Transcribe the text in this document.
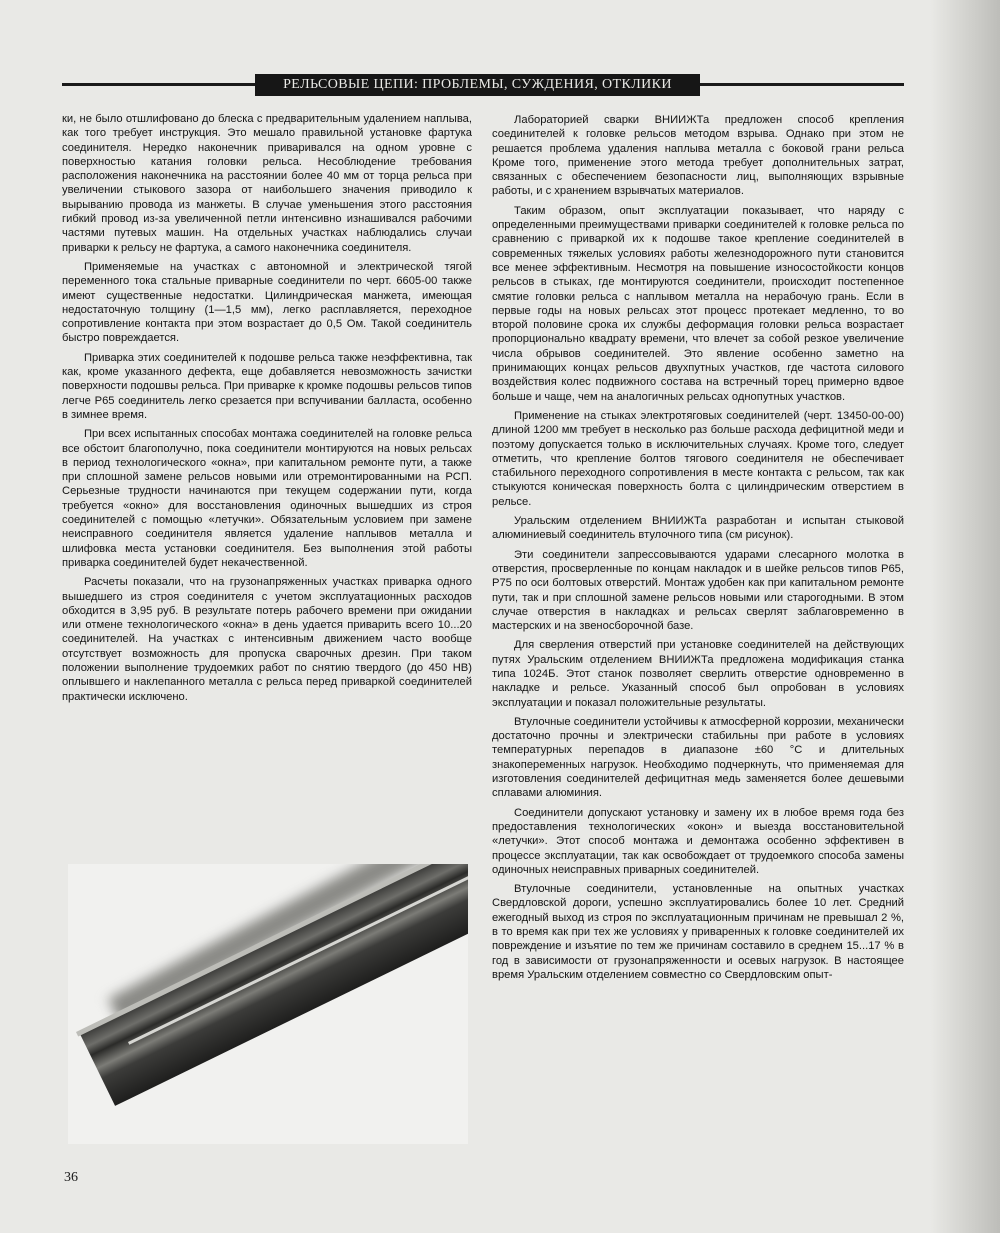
РЕЛЬСОВЫЕ ЦЕПИ: ПРОБЛЕМЫ, СУЖДЕНИЯ, ОТКЛИКИ

ки, не было отшлифовано до блеска с предварительным удалением наплыва, как того требует инструкция. Это мешало правильной установке фартука соединителя. Нередко наконечник приваривался на одном уровне с поверхностью катания головки рельса. Несоблюдение требования расположения наконечника на расстоянии более 40 мм от торца рельса при увеличении стыкового зазора от наибольшего значения приводило к вырыванию провода из манжеты. В случае уменьшения этого расстояния гибкий провод из-за увеличенной петли интенсивно изнашивался рабочими частями путевых машин. На отдельных участках наблюдались случаи приварки к рельсу не фартука, а самого наконечника соединителя.

Применяемые на участках с автономной и электрической тягой переменного тока стальные приварные соединители по черт. 6605-00 также имеют существенные недостатки. Цилиндрическая манжета, имеющая недостаточную толщину (1—1,5 мм), легко расплавляется, переходное сопротивление контакта при этом возрастает до 0,5 Ом. Такой соединитель быстро повреждается.

Приварка этих соединителей к подошве рельса также неэффективна, так как, кроме указанного дефекта, еще добавляется невозможность зачистки поверхности подошвы рельса. При приварке к кромке подошвы рельсов типов легче Р65 соединитель легко срезается при вспучивании балласта, особенно в зимнее время.

При всех испытанных способах монтажа соединителей на головке рельса все обстоит благополучно, пока соединители монтируются на новых рельсах в период технологического «окна», при капитальном ремонте пути, а также при сплошной замене рельсов новыми или отремонтированными на РСП. Серьезные трудности начинаются при текущем содержании пути, когда требуется «окно» для восстановления одиночных вышедших из строя соединителей с помощью «летучки». Обязательным условием при замене неисправного соединителя является удаление наплывов металла и шлифовка места установки соединителя. Без выполнения этой работы приварка соединителей будет некачественной.

Расчеты показали, что на грузонапряженных участках приварка одного вышедшего из строя соединителя с учетом эксплуатационных расходов обходится в 3,95 руб. В результате потерь рабочего времени при ожидании или отмене технологического «окна» в день удается приварить всего 10...20 соединителей. На участках с интенсивным движением часто вообще отсутствует возможность для пропуска сварочных дрезин. При таком положении выполнение трудоемких работ по снятию твердого (до 450 НВ) оплывшего и наклепанного металла с рельса перед приваркой соединителей практически исключено.

Лабораторией сварки ВНИИЖТа предложен способ крепления соединителей к головке рельсов методом взрыва. Однако при этом не решается проблема удаления наплыва металла с боковой грани рельса Кроме того, применение этого метода требует дополнительных затрат, связанных с обеспечением безопасности лиц, выполняющих взрывные работы, и с хранением взрывчатых материалов.

Таким образом, опыт эксплуатации показывает, что наряду с определенными преимуществами приварки соединителей к головке рельса по сравнению с приваркой их к подошве такое крепление соединителей в современных тяжелых условиях работы железнодорожного пути становится все менее эффективным. Несмотря на повышение износостойкости концов рельсов в стыках, где монтируются соединители, происходит постепенное смятие головки рельса с наплывом металла на нерабочую грань. Если в первые годы на новых рельсах этот процесс протекает медленно, то во второй половине срока их службы деформация головки рельса возрастает пропорционально квадрату времени, что влечет за собой резкое увеличение числа обрывов соединителей. Это явление особенно заметно на принимающих концах рельсов двухпутных участков, где частота силового воздействия колес подвижного состава на встречный торец примерно вдвое больше и чаще, чем на аналогичных рельсах однопутных участков.

Применение на стыках электротяговых соединителей (черт. 13450-00-00) длиной 1200 мм требует в несколько раз больше расхода дефицитной меди и поэтому допускается только в исключительных случаях. Кроме того, следует отметить, что крепление болтов тягового соединителя не обеспечивает стабильного переходного сопротивления в месте контакта с рельсом, так как стыкуются коническая поверхность болта с цилиндрическим отверстием в рельсе.

Уральским отделением ВНИИЖТа разработан и испытан стыковой алюминиевый соединитель втулочного типа (см рисунок).

Эти соединители запрессовываются ударами слесарного молотка в отверстия, просверленные по концам накладок и в шейке рельсов типов Р65, Р75 по оси болтовых отверстий. Монтаж удобен как при капитальном ремонте пути, так и при сплошной замене рельсов новыми или старогодными. В этом случае отверстия в накладках и рельсах сверлят заблаговременно в мастерских и на звеносборочной базе.

Для сверления отверстий при установке соединителей на действующих путях Уральским отделением ВНИИЖТа предложена модификация станка типа 1024Б. Этот станок позволяет сверлить отверстие одновременно в накладке и рельсе. Указанный способ был опробован в условиях эксплуатации и показал положительные результаты.

Втулочные соединители устойчивы к атмосферной коррозии, механически достаточно прочны и электрически стабильны при работе в условиях температурных перепадов в диапазоне ±60 °С и длительных знакопеременных нагрузок. Необходимо подчеркнуть, что применяемая для изготовления соединителей дефицитная медь заменяется более дешевыми сплавами алюминия.

Соединители допускают установку и замену их в любое время года без предоставления технологических «окон» и выезда восстановительной «летучки». Этот способ монтажа и демонтажа особенно эффективен в процессе эксплуатации, так как освобождает от трудоемкого способа замены одиночных неисправных приварных соединителей.

Втулочные соединители, установленные на опытных участках Свердловской дороги, успешно эксплуатировались более 10 лет. Средний ежегодный выход из строя по эксплуатационным причинам не превышал 2 %, в то время как при тех же условиях у приваренных к головке соединителей их повреждение и изъятие по тем же причинам составило в среднем 15...17 % в год в зависимости от грузонапряженности и осевых нагрузок. В настоящее время Уральским отделением совместно со Свердловским опыт-

36
